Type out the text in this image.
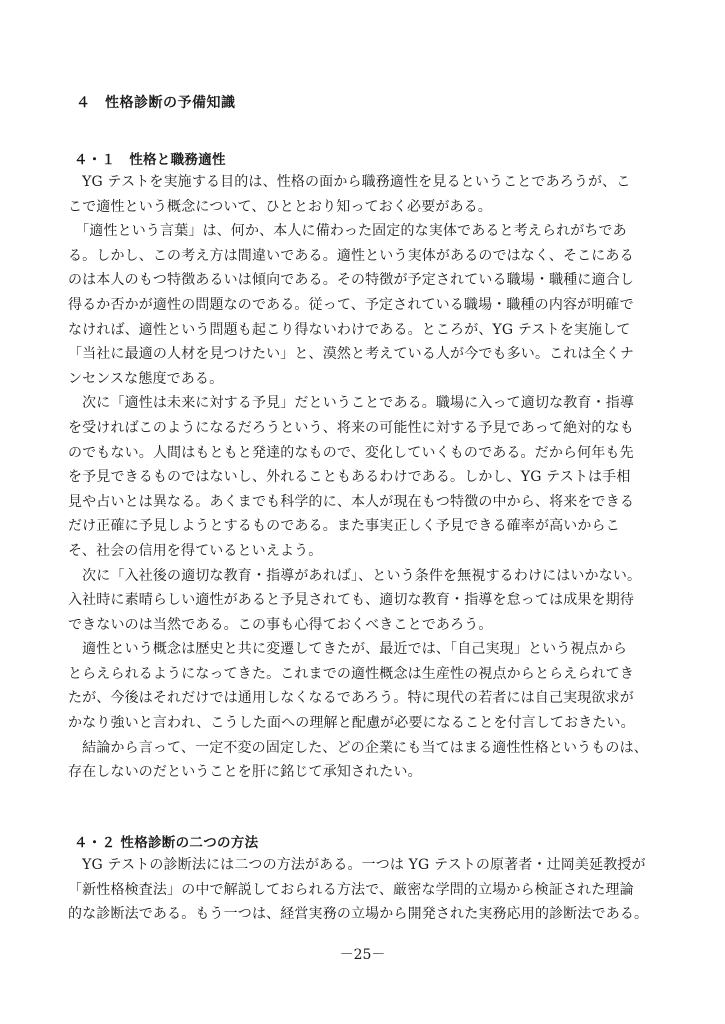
４　性格診断の予備知識
４・１　性格と職務適性
　YG テストを実施する目的は、性格の面から職務適性を見るということであろうが、こ
こで適性という概念について、ひととおり知っておく必要がある。
　「適性という言葉」は、何か、本人に備わった固定的な実体であると考えられがちであ
る。しかし、この考え方は間違いである。適性という実体があるのではなく、そこにある
のは本人のもつ特徴あるいは傾向である。その特徴が予定されている職場・職種に適合し
得るか否かが適性の問題なのである。従って、予定されている職場・職種の内容が明確で
なければ、適性という問題も起こり得ないわけである。ところが、YG テストを実施して
「当社に最適の人材を見つけたい」と、漠然と考えている人が今でも多い。これは全くナ
ンセンスな態度である。
　次に「適性は未来に対する予見」だということである。職場に入って適切な教育・指導
を受ければこのようになるだろうという、将来の可能性に対する予見であって絶対的なも
のでもない。人間はもともと発達的なもので、変化していくものである。だから何年も先
を予見できるものではないし、外れることもあるわけである。しかし、YG テストは手相
見や占いとは異なる。あくまでも科学的に、本人が現在もつ特徴の中から、将来をできる
だけ正確に予見しようとするものである。また事実正しく予見できる確率が高いからこ
そ、社会の信用を得ているといえよう。
　次に「入社後の適切な教育・指導があれば」、という条件を無視するわけにはいかない。
入社時に素晴らしい適性があると予見されても、適切な教育・指導を怠っては成果を期待
できないのは当然である。この事も心得ておくべきことであろう。
　適性という概念は歴史と共に変遷してきたが、最近では、「自己実現」という視点から
とらえられるようになってきた。これまでの適性概念は生産性の視点からとらえられてき
たが、今後はそれだけでは通用しなくなるであろう。特に現代の若者には自己実現欲求が
かなり強いと言われ、こうした面への理解と配慮が必要になることを付言しておきたい。
　結論から言って、一定不変の固定した、どの企業にも当てはまる適性性格というものは、
存在しないのだということを肝に銘じて承知されたい。
４・２ 性格診断の二つの方法
　YG テストの診断法には二つの方法がある。一つは YG テストの原著者・辻岡美延教授が
「新性格検査法」の中で解説しておられる方法で、厳密な学問的立場から検証された理論
的な診断法である。もう一つは、経営実務の立場から開発された実務応用的診断法である。
－25－
